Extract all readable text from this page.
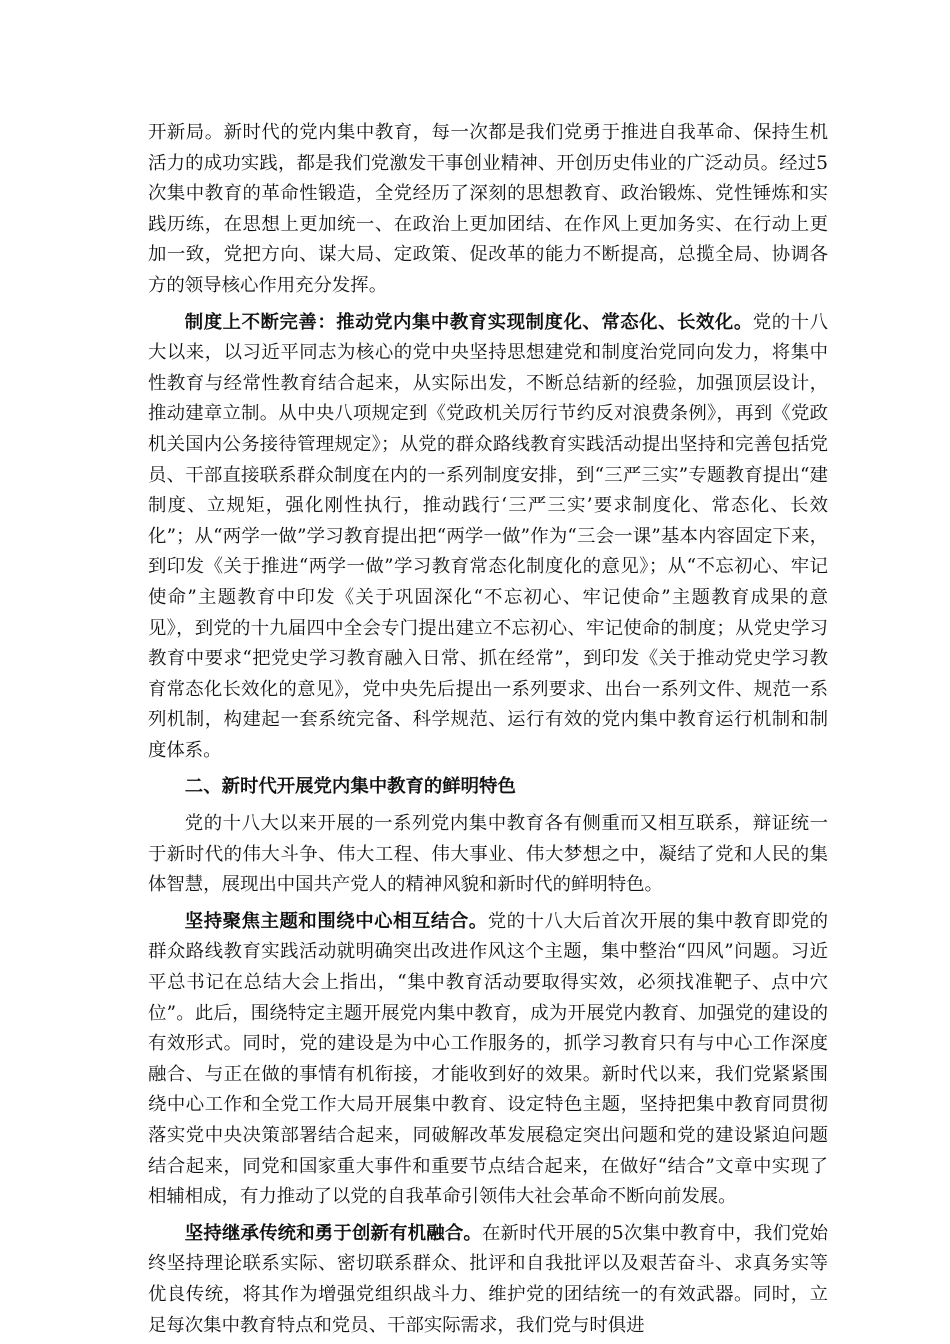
开新局。新时代的党内集中教育，每一次都是我们党勇于推进自我革命、保持生机活力的成功实践，都是我们党激发干事创业精神、开创历史伟业的广泛动员。经过5次集中教育的革命性锻造，全党经历了深刻的思想教育、政治锻炼、党性锤炼和实践历练，在思想上更加统一、在政治上更加团结、在作风上更加务实、在行动上更加一致，党把方向、谋大局、定政策、促改革的能力不断提高，总揽全局、协调各方的领导核心作用充分发挥。

制度上不断完善：推动党内集中教育实现制度化、常态化、长效化。党的十八大以来，以习近平同志为核心的党中央坚持思想建党和制度治党同向发力，将集中性教育与经常性教育结合起来，从实际出发，不断总结新的经验，加强顶层设计，推动建章立制。从中央八项规定到《党政机关厉行节约反对浪费条例》，再到《党政机关国内公务接待管理规定》；从党的群众路线教育实践活动提出坚持和完善包括党员、干部直接联系群众制度在内的一系列制度安排，到“三严三实”专题教育提出“建制度、立规矩，强化刚性执行，推动践行‘三严三实’要求制度化、常态化、长效化”；从“两学一做”学习教育提出把“两学一做”作为“三会一课”基本内容固定下来，到印发《关于推进“两学一做”学习教育常态化制度化的意见》；从“不忘初心、牢记使命”主题教育中印发《关于巩固深化“不忘初心、牢记使命”主题教育成果的意见》，到党的十九届四中全会专门提出建立不忘初心、牢记使命的制度；从党史学习教育中要求“把党史学习教育融入日常、抓在经常”，到印发《关于推动党史学习教育常态化长效化的意见》，党中央先后提出一系列要求、出台一系列文件、规范一系列机制，构建起一套系统完备、科学规范、运行有效的党内集中教育运行机制和制度体系。

二、新时代开展党内集中教育的鲜明特色

党的十八大以来开展的一系列党内集中教育各有侧重而又相互联系，辩证统一于新时代的伟大斗争、伟大工程、伟大事业、伟大梦想之中，凝结了党和人民的集体智慧，展现出中国共产党人的精神风貌和新时代的鲜明特色。

坚持聚焦主题和围绕中心相互结合。党的十八大后首次开展的集中教育即党的群众路线教育实践活动就明确突出改进作风这个主题，集中整治“四风”问题。习近平总书记在总结大会上指出，“集中教育活动要取得实效，必须找准靶子、点中穴位”。此后，围绕特定主题开展党内集中教育，成为开展党内教育、加强党的建设的有效形式。同时，党的建设是为中心工作服务的，抓学习教育只有与中心工作深度融合、与正在做的事情有机衔接，才能收到好的效果。新时代以来，我们党紧紧围绕中心工作和全党工作大局开展集中教育、设定特色主题，坚持把集中教育同贯彻落实党中央决策部署结合起来，同破解改革发展稳定突出问题和党的建设紧迫问题结合起来，同党和国家重大事件和重要节点结合起来，在做好“结合”文章中实现了相辅相成，有力推动了以党的自我革命引领伟大社会革命不断向前发展。

坚持继承传统和勇于创新有机融合。在新时代开展的5次集中教育中，我们党始终坚持理论联系实际、密切联系群众、批评和自我批评以及艰苦奋斗、求真务实等优良传统，将其作为增强党组织战斗力、维护党的团结统一的有效武器。同时，立足每次集中教育特点和党员、干部实际需求，我们党与时俱进
